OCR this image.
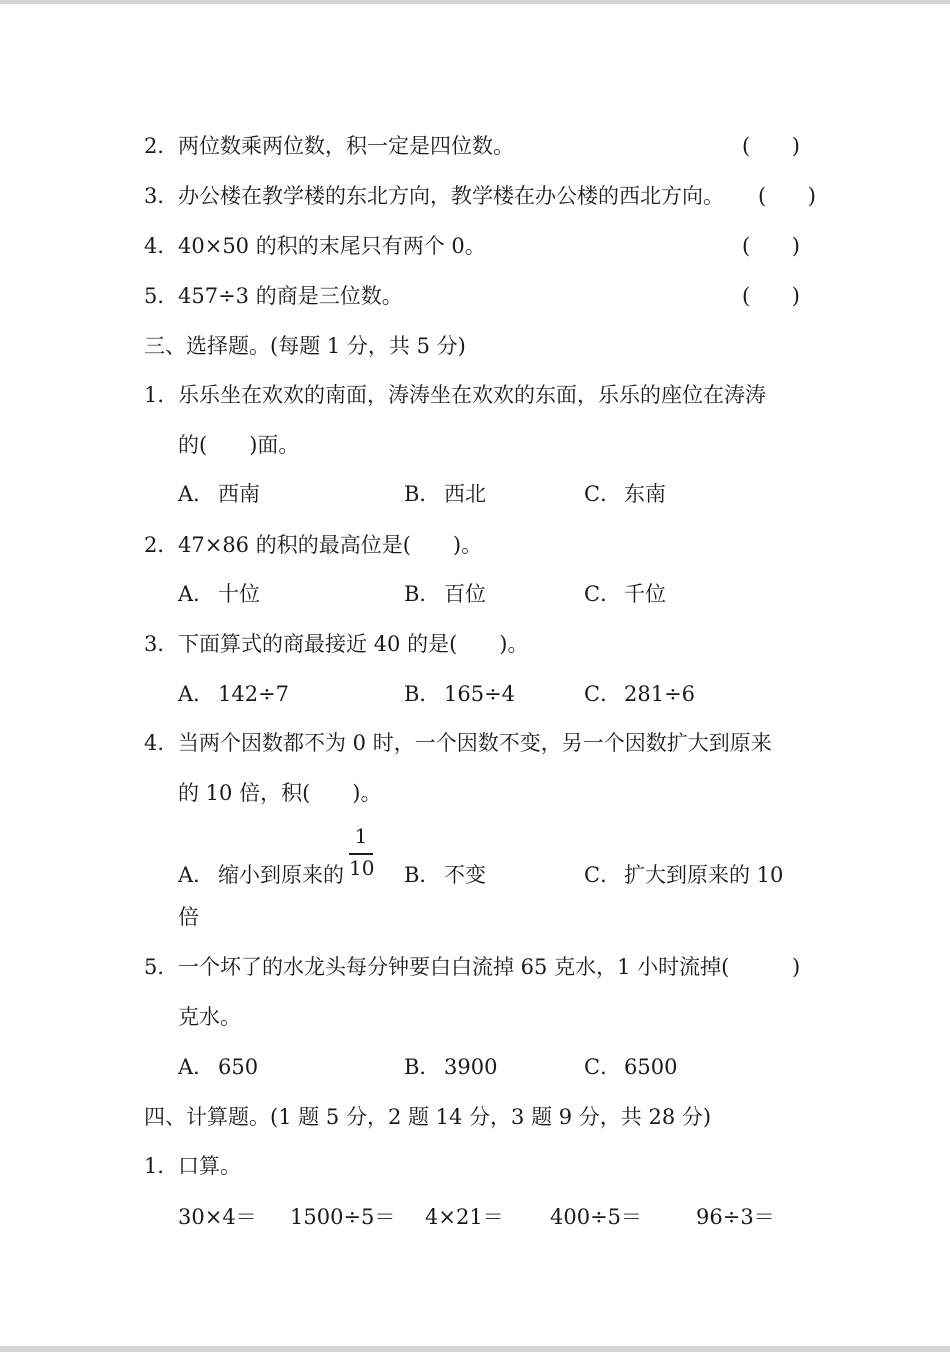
2．两位数乘两位数，积一定是四位数。	( )
3．办公楼在教学楼的东北方向，教学楼在办公楼的西北方向。 ( )
4．40×50 的积的末尾只有两个 0。	( )
5．457÷3 的商是三位数。	( )
三、选择题。(每题 1 分，共 5 分)
1．乐乐坐在欢欢的南面，涛涛坐在欢欢的东面，乐乐的座位在涛涛
的(　　)面。
A． 西南	B． 西北	C． 东南
2．47×86 的积的最高位是(　　)。
A． 十位	B． 百位	C． 千位
3．下面算式的商最接近 40 的是(　　)。
A． 142÷7	B． 165÷4	C． 281÷6
4．当两个因数都不为 0 时，一个因数不变，另一个因数扩大到原来
的 10 倍，积(　　)。
A． 缩小到原来的
1
10
倍
B． 不变	C． 扩大到原来的 10
5．一个坏了的水龙头每分钟要白白流掉 65 克水，1 小时流掉(	)
克水。
A． 650	B． 3900	C． 6500
四、计算题。(1 题 5 分，2 题 14 分，3 题 9 分，共 28 分)
1．口算。
30×4＝ 1500÷5＝ 4×21＝ 400÷5＝	96÷3＝
